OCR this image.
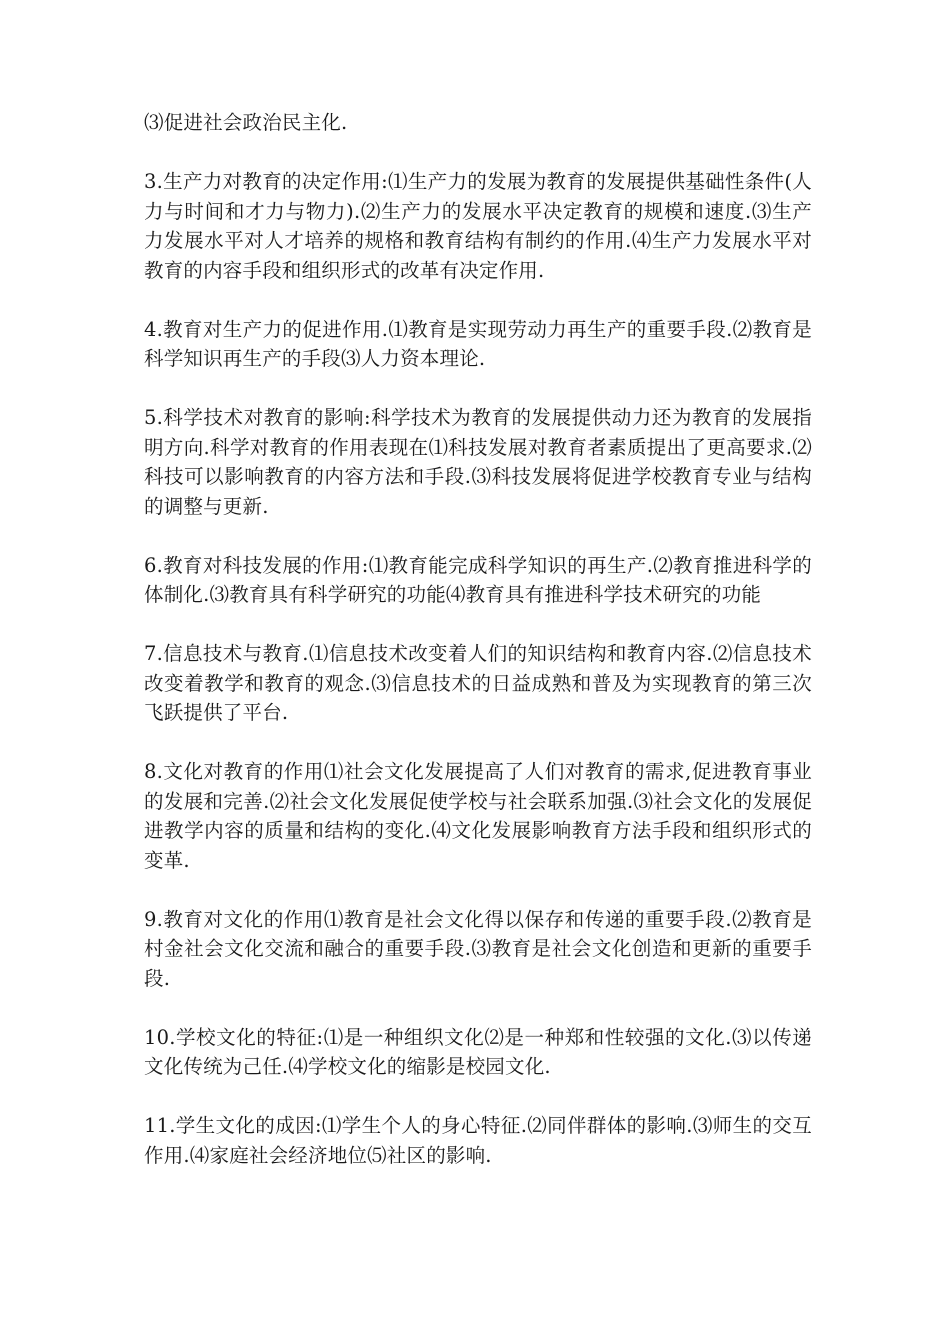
⑶促进社会政治民主化.

3.生产力对教育的决定作用:⑴生产力的发展为教育的发展提供基础性条件(人力与时间和才力与物力).⑵生产力的发展水平决定教育的规模和速度.⑶生产力发展水平对人才培养的规格和教育结构有制约的作用.⑷生产力发展水平对教育的内容手段和组织形式的改革有决定作用.

4.教育对生产力的促进作用.⑴教育是实现劳动力再生产的重要手段.⑵教育是科学知识再生产的手段⑶人力资本理论.

5.科学技术对教育的影响:科学技术为教育的发展提供动力还为教育的发展指明方向.科学对教育的作用表现在⑴科技发展对教育者素质提出了更高要求.⑵科技可以影响教育的内容方法和手段.⑶科技发展将促进学校教育专业与结构的调整与更新.

6.教育对科技发展的作用:⑴教育能完成科学知识的再生产.⑵教育推进科学的体制化.⑶教育具有科学研究的功能⑷教育具有推进科学技术研究的功能

7.信息技术与教育.⑴信息技术改变着人们的知识结构和教育内容.⑵信息技术改变着教学和教育的观念.⑶信息技术的日益成熟和普及为实现教育的第三次飞跃提供了平台.

8.文化对教育的作用⑴社会文化发展提高了人们对教育的需求,促进教育事业的发展和完善.⑵社会文化发展促使学校与社会联系加强.⑶社会文化的发展促进教学内容的质量和结构的变化.⑷文化发展影响教育方法手段和组织形式的变革.

9.教育对文化的作用⑴教育是社会文化得以保存和传递的重要手段.⑵教育是村金社会文化交流和融合的重要手段.⑶教育是社会文化创造和更新的重要手段.

10.学校文化的特征:⑴是一种组织文化⑵是一种郑和性较强的文化.⑶以传递文化传统为己任.⑷学校文化的缩影是校园文化.

11.学生文化的成因:⑴学生个人的身心特征.⑵同伴群体的影响.⑶师生的交互作用.⑷家庭社会经济地位⑸社区的影响.
